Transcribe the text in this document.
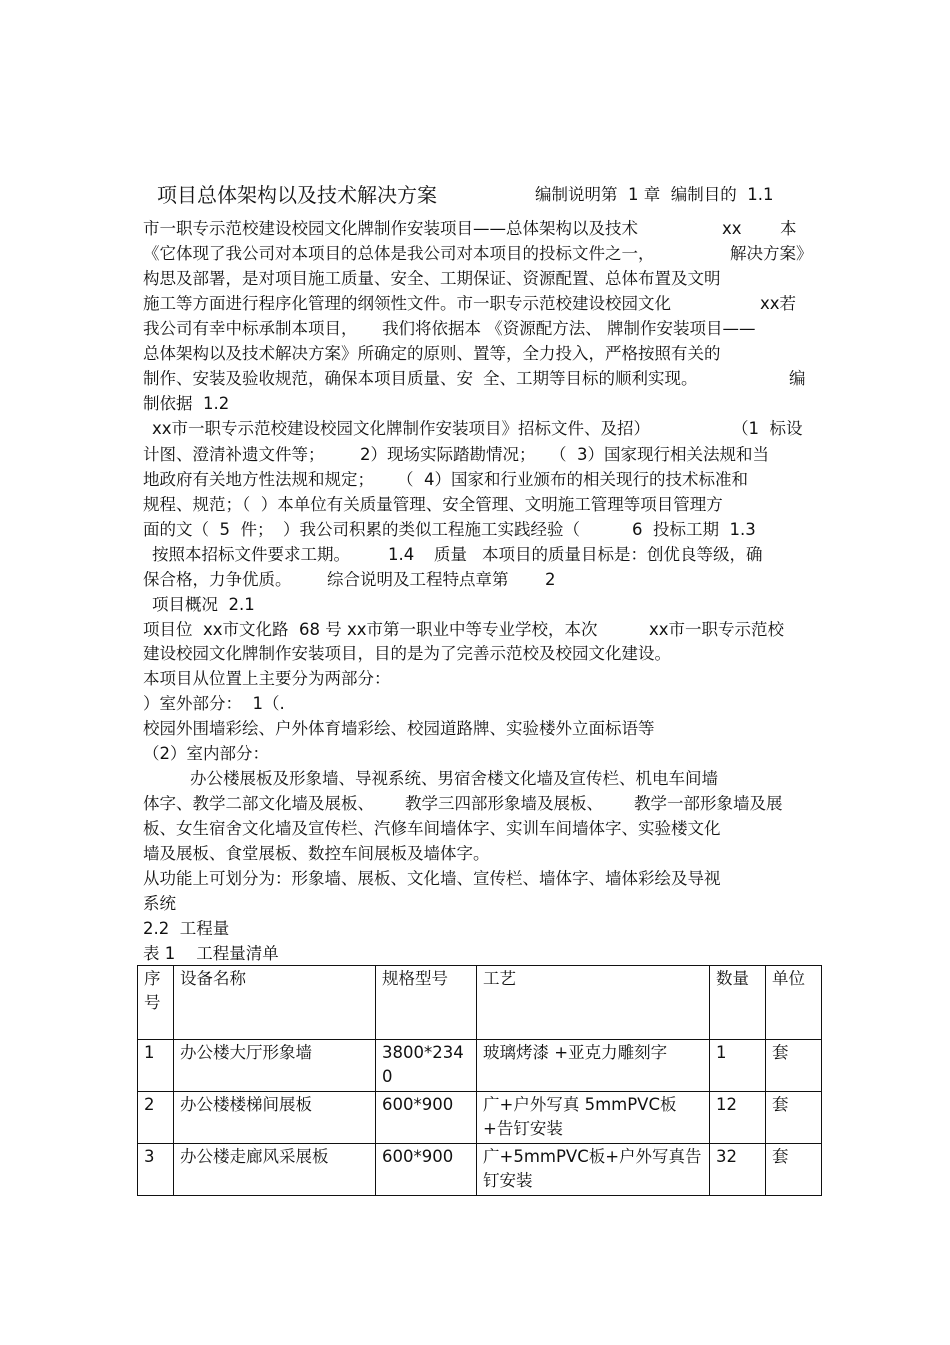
项目总体架构以及技术解决方案

	编制说明第  1 章  编制目的  1.1

市一职专示范校建设校园文化牌制作安装项目——总体架构以及技术	xx 本
《它体现了我公司对本项目的总体是我公司对本项目的投标文件之一，	解决方案》
构思及部署，是对项目施工质量、安全、工期保证、资源配置、总体布置及文明
施工等方面进行程序化管理的纲领性文件。市一职专示范校建设校园文化	xx若
我公司有幸中标承制本项目， 我们将依据本 《资源配方法、 牌制作安装项目——
总体架构以及技术解决方案》所确定的原则、置等，全力投入，严格按照有关的
制作、安装及验收规范，确保本项目质量、安 全、工期等目标的顺利实现。	编
制依据  1.2
xx市一职专示范校建设校园文化牌制作安装项目》招标文件、及招）	（1  标设
计图、澄清补遗文件等； 2）现场实际踏勘情况； （  3）国家现行相关法规和当
地政府有关地方性法规和规定； （  4）国家和行业颁布的相关现行的技术标准和
规程、规范；（  ）本单位有关质量管理、安全管理、文明施工管理等项目管理方
面的文（  5  件； ）我公司积累的类似工程施工实践经验（	6  投标工期  1.3
按照本招标文件要求工期。 1.4 质量 本项目的质量目标是：创优良等级，确
保合格，力争优质。 综合说明及工程特点章第 2
项目概况  2.1
项目位  xx市文化路  68 号 xx市第一职业中等专业学校，本次	xx市一职专示范校
建设校园文化牌制作安装项目，目的是为了完善示范校及校园文化建设。
本项目从位置上主要分为两部分：
）室外部分：  1（.
校园外围墙彩绘、户外体育墙彩绘、校园道路牌、实验楼外立面标语等
（2）室内部分：
办公楼展板及形象墙、导视系统、男宿舍楼文化墙及宣传栏、机电车间墙
体字、教学二部文化墙及展板、 教学三四部形象墙及展板、 教学一部形象墙及展
板、女生宿舍文化墙及宣传栏、汽修车间墙体字、实训车间墙体字、实验楼文化
墙及展板、食堂展板、数控车间展板及墙体字。
从功能上可划分为：形象墙、展板、文化墙、宣传栏、墙体字、墙体彩绘及导视
系统
2.2  工程量
表 1    工程量清单
序号	设备名称	规格型号	工艺	数量	单位
1	办公楼大厅形象墙	3800*2340	玻璃烤漆 +亚克力雕刻字	1	套
2	办公楼楼梯间展板	600*900	广+户外写真 5mmPVC板+告钉安装	12	套
3	办公楼走廊风采展板	600*900	广+5mmPVC板+户外写真告钉安装	32	套
